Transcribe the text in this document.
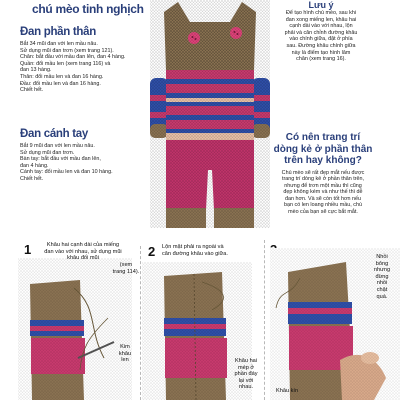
chú mèo tinh nghịch
Đan phần thân

Bắt 34 mũi đan với len mầu nâu.

Sử dụng mũi đan trơn (xem trang 121).

Chân: bắt đầu với mầu đan lên, đan 4 hàng.

Quần: đổi mầu len (xem trang 116) và

đan 13 hàng.

Thân: đổi mầu len và đan 16 hàng.

Đầu: đổi mầu len và đan 16 hàng.

Chiết hết.

Đan cánh tay

Bắt 9 mũi đan với len mầu nâu.

Sử dụng mũi đan trơn.

Bàn tay: bắt đầu với mầu đan lên,

đan 4 hàng.

Cánh tay: đổi mầu len và đan 10 hàng.

Chiết hết.

Lưu ý

Để tạo hình chú mèo, sau khi

đan xong miếng len, khâu hai

cạnh dài vào với nhau, lộn

phải và căn chỉnh đường khâu

vào chính giữa, đặt ở phía

sau. Đường khâu chính giữa

này là điểm tạo hình lâm

chân (xem trang 16).

Có nên trang trí
dòng kẻ ở phần thân
trên hay không?

Chú mèo sẽ rất đẹp mắt nếu được

trang trí dòng kẻ ở phần thân trên,

nhưng để trơn một mầu thì cũng

đẹp không kém và như thế thì dễ

đan hơn. Và sẽ còn tốt hơn nếu

bạn có len loang nhiều mầu, chú

mèo của bạn sẽ cực bắt mắt.

1	Khâu hai cạnh dài của miếng
đan vào với nhau, sử dụng mũi
khâu đối mũi
(xem
trang 114).
Kim
khâu
len
2 Lộn mặt phải ra ngoài và
căn đường khâu vào giữa.
Khâu hai
mép ở
phần đáy
lại với
nhau.
Nhồi
bông
nhưng
đừng
nhồi
chặt
quá.
Khâu kín
